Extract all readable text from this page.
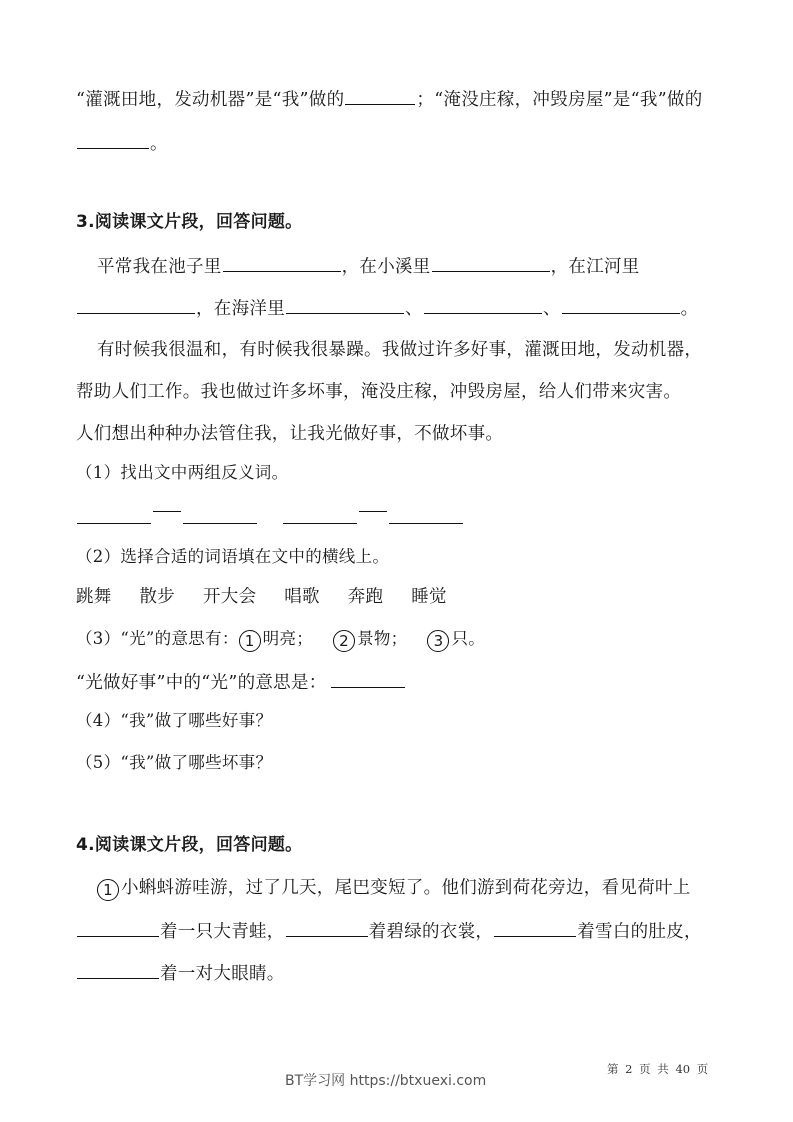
“灌溉田地，发动机器”是“我”做的	；“淹没庄稼，冲毁房屋”是“我”做的
。
3.阅读课文片段，回答问题。
平常我在池子里	，在小溪里	，在江河里
，在海洋里	、	、	。
有时候我很温和，有时候我很暴躁。我做过许多好事，灌溉田地，发动机器，
帮助人们工作。我也做过许多坏事，淹没庄稼，冲毁房屋，给人们带来灾害。
人们想出种种办法管住我，让我光做好事，不做坏事。
（1）找出文中两组反义词。

（2）选择合适的词语填在文中的横线上。
跳舞 散步 开大会 唱歌 奔跑 睡觉
（3）“光”的意思有： 1 明亮； 2 景物； 3 只。
“光做好事”中的“光”的意思是：
（4）“我”做了哪些好事？
（5）“我”做了哪些坏事？
4.阅读课文片段，回答问题。
1 小蝌蚪游哇游，过了几天，尾巴变短了。他们游到荷花旁边，看见荷叶上
着一只大青蛙，	着碧绿的衣裳，	着雪白的肚皮，
着一对大眼睛。
第 2 页 共 40 页
BT学习网 https://btxuexi.com
